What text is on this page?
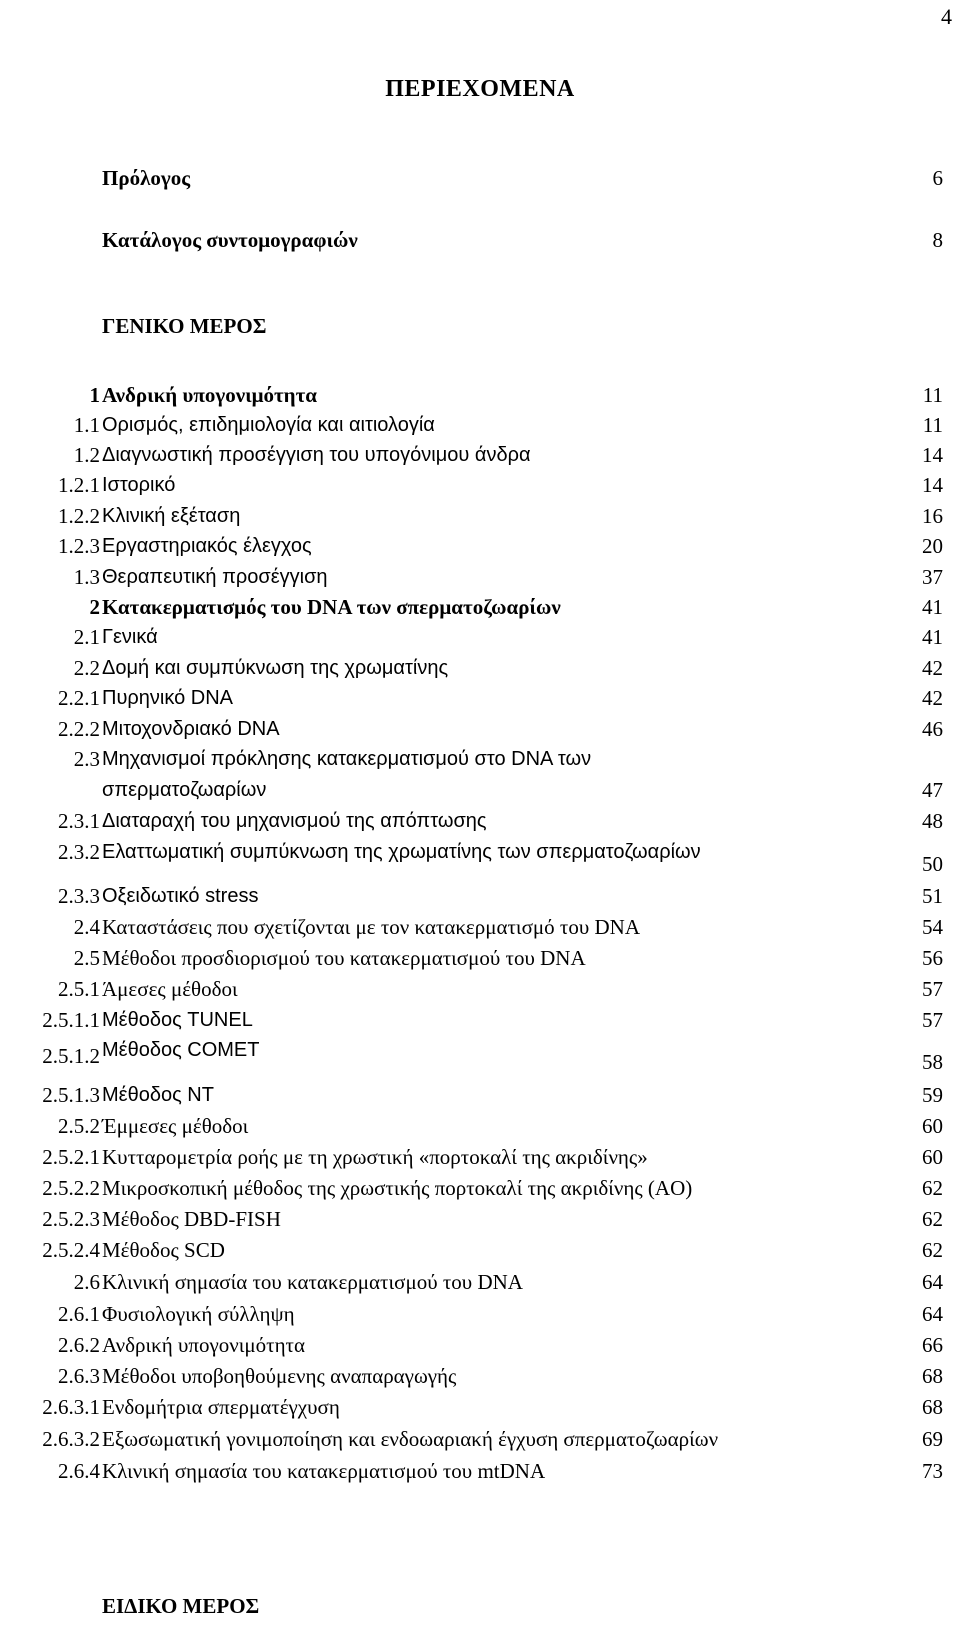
4
ΠΕΡΙΕΧΟΜΕΝΑ
Πρόλογος	6
Κατάλογος συντομογραφιών	8
ΓΕΝΙΚΟ ΜΕΡΟΣ
1 Ανδρική υπογονιμότητα	11
1.1 Ορισμός, επιδημιολογία και αιτιολογία	11
1.2 Διαγνωστική προσέγγιση του υπογόνιμου άνδρα	14
1.2.1 Ιστορικό	14
1.2.2 Κλινική εξέταση	16
1.2.3 Εργαστηριακός έλεγχος	20
1.3 Θεραπευτική προσέγγιση	37
2 Κατακερματισμός του DNA των σπερματοζωαρίων	41
2.1 Γενικά	41
2.2 Δομή και συμπύκνωση της χρωματίνης	42
2.2.1 Πυρηνικό DNA	42
2.2.2 Μιτοχονδριακό DNA	46
2.3 Μηχανισμοί πρόκλησης κατακερματισμού στο DNA των
σπερματοζωαρίων	47
2.3.1 Διαταραχή του μηχανισμού της απόπτωσης	48
2.3.2 Ελαττωματική συμπύκνωση της χρωματίνης των σπερματοζωαρίων	50
2.3.3 Οξειδωτικό stress	51
2.4 Καταστάσεις που σχετίζονται με τον κατακερματισμό του DNA	54
2.5 Μέθοδοι προσδιορισμού του κατακερματισμού του DNA	56
2.5.1 Άμεσες μέθοδοι	57
2.5.1.1 Μέθοδος TUNEL	57
2.5.1.2 Μέθοδος COMET	58
2.5.1.3 Μέθοδος NT	59
2.5.2 Έμμεσες μέθοδοι	60
2.5.2.1 Κυτταρομετρία ροής με τη χρωστική «πορτοκαλί της ακριδίνης»	60
2.5.2.2 Μικροσκοπική μέθοδος της χρωστικής πορτοκαλί της ακριδίνης (AO)	62
2.5.2.3 Μέθοδος DBD-FISH	62
2.5.2.4 Μέθοδος SCD	62
2.6 Κλινική σημασία του κατακερματισμού του DNA	64
2.6.1 Φυσιολογική σύλληψη	64
2.6.2 Ανδρική υπογονιμότητα	66
2.6.3 Μέθοδοι υποβοηθούμενης αναπαραγωγής	68
2.6.3.1 Ενδομήτρια σπερματέγχυση	68
2.6.3.2 Εξωσωματική γονιμοποίηση και ενδοωαριακή έγχυση σπερματοζωαρίων	69
2.6.4 Κλινική σημασία του κατακερματισμού του mtDNA	73
ΕΙΔΙΚΟ ΜΕΡΟΣ
